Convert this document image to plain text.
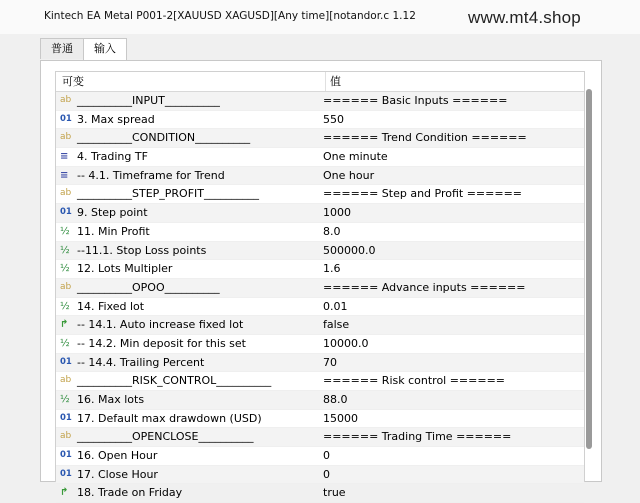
Kintech EA Metal P001-2[XAUUSD XAGUSD][Any time][notandor.c 1.12	www.mt4.shop
普通	输入
可变	值
ab __________INPUT__________	====== Basic Inputs ======
01 3. Max spread	550
ab __________CONDITION__________	====== Trend Condition ======
≡ 4. Trading TF	One minute
≡ -- 4.1. Timeframe for Trend	One hour
ab __________STEP_PROFIT__________	====== Step and Profit ======
01 9. Step point	1000
½ 11. Min Profit	8.0
½ --11.1. Stop Loss points	500000.0
½ 12. Lots Multipler	1.6
ab __________OPOO__________	====== Advance inputs ======
½ 14. Fixed lot	0.01
↱ -- 14.1. Auto increase fixed lot	false
½ -- 14.2. Min deposit for this set	10000.0
01 -- 14.4. Trailing Percent	70
ab __________RISK_CONTROL__________	====== Risk control ======
½ 16. Max lots	88.0
01 17. Default max drawdown (USD)	15000
ab __________OPENCLOSE__________	====== Trading Time ======
01 16. Open Hour	0
01 17. Close Hour	0
↱ 18. Trade on Friday	true
